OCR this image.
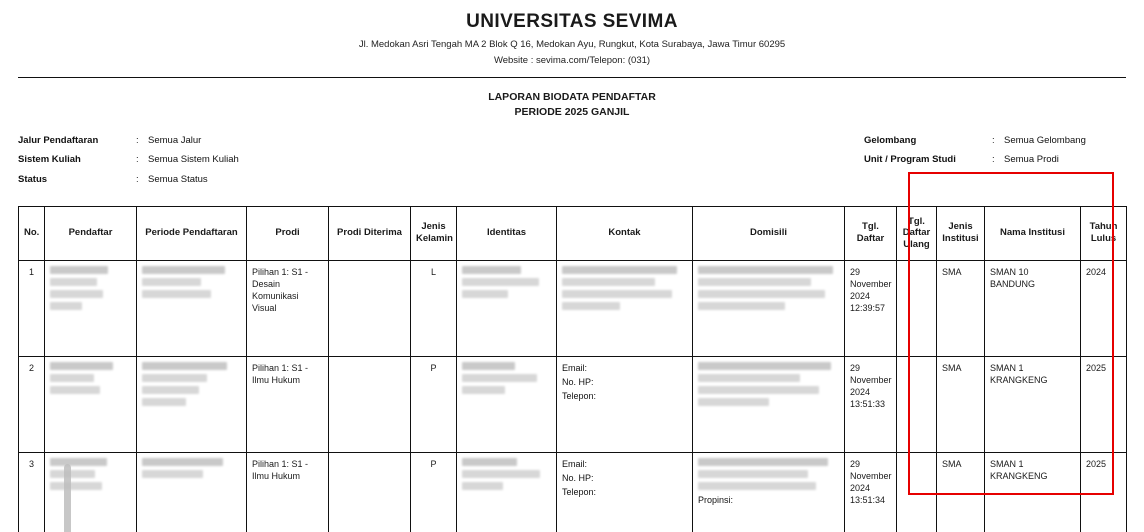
UNIVERSITAS SEVIMA
Jl. Medokan Asri Tengah MA 2 Blok Q 16, Medokan Ayu, Rungkut, Kota Surabaya, Jawa Timur 60295
Website : sevima.com/Telepon: (031)
LAPORAN BIODATA PENDAFTAR
PERIODE 2025 GANJIL
Jalur Pendaftaran	: Semua Jalur
Sistem Kuliah	: Semua Sistem Kuliah
Status	: Semua Status
Gelombang	: Semua Gelombang
Unit / Program Studi	: Semua Prodi
No.	Pendaftar	Periode Pendaftaran	Prodi	Prodi Diterima	Jenis Kelamin	Identitas	Kontak	Domisili	Tgl. Daftar	Tgl. Daftar Ulang	Jenis Institusi	Nama Institusi	Tahun Lulus
1			Pilihan 1: S1 - Desain Komunikasi Visual		L				29 November 2024 12:39:57		SMA	SMAN 10 BANDUNG	2024
2			Pilihan 1: S1 - Ilmu Hukum		P		Email:
No. HP:
Telepon:		29 November 2024 13:51:33		SMA	SMAN 1 KRANGKENG	2025
3			Pilihan 1: S1 - Ilmu Hukum		P		Email:
No. HP:
Telepon:	Propinsi:	29 November 2024 13:51:34		SMA	SMAN 1 KRANGKENG	2025
